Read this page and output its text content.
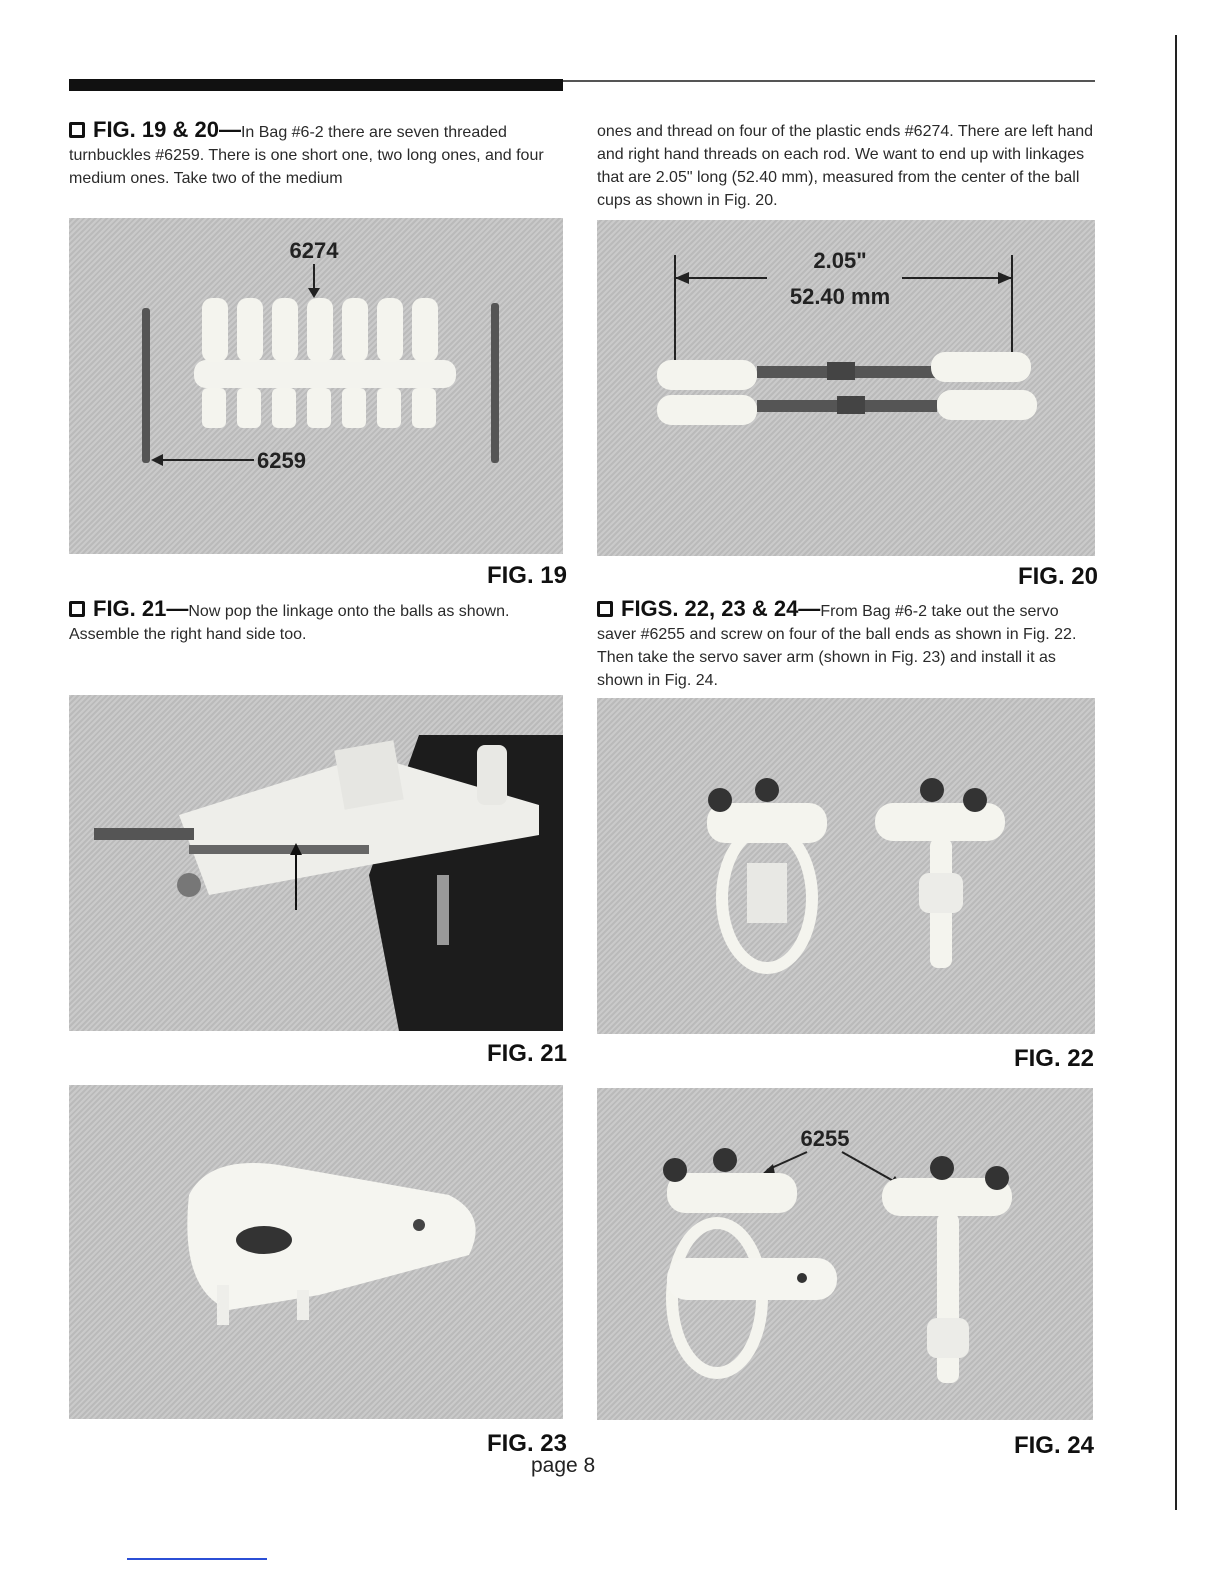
FIG. 19 & 20—In Bag #6-2 there are seven threaded turnbuckles #6259. There is one short one, two long ones, and four medium ones. Take two of the medium
ones and thread on four of the plastic ends #6274. There are left hand and right hand threads on each rod. We want to end up with linkages that are 2.05" long (52.40 mm), measured from the center of the ball cups as shown in Fig. 20.
6274
6259
FIG. 19
2.05"
52.40 mm
FIG. 20
FIG. 21—Now pop the linkage onto the balls as shown. Assemble the right hand side too.
FIGS. 22, 23 & 24—From Bag #6-2 take out the servo saver #6255 and screw on four of the ball ends as shown in Fig. 22. Then take the servo saver arm (shown in Fig. 23) and install it as shown in Fig. 24.
FIG. 21	FIG. 22
FIG. 23
6255
FIG. 24
page 8
